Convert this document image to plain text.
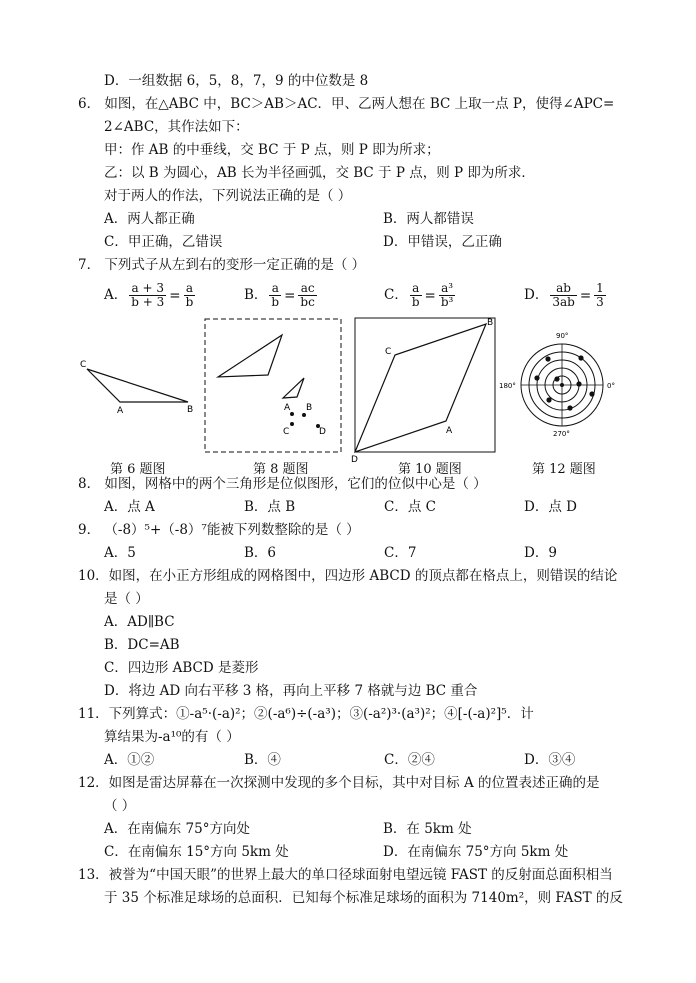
D．一组数据 6，5，8，7，9 的中位数是 8
6． 如图，在△ABC 中，BC＞AB＞AC．甲、乙两人想在 BC 上取一点 P，使得∠APC=
2∠ABC，其作法如下：
甲：作 AB 的中垂线，交 BC 于 P 点，则 P 即为所求；
乙：以 B 为圆心，AB 长为半径画弧，交 BC 于 P 点，则 P 即为所求．
对于两人的作法，下列说法正确的是（ ）
A．两人都正确	B．两人都错误
C．甲正确，乙错误	D．甲错误，乙正确
7． 下列式子从左到右的变形一定正确的是（ ）
A． $\frac{a + 3}{b + 3} = \frac{a}{b}$	B． $\frac{a}{b} = \frac{ac}{bc}$	C． $\frac{a}{b} = \frac{\text{a³}}{\text{b³}}$	D． $\frac{ab}{3ab} = \frac{1}{3}$
C
A	B	A B
C	D
C
B
A
D
90°
180°	0°
270°
第 6 题图	第 8 题图	第 10 题图	第 12 题图
8． 如图，网格中的两个三角形是位似图形，它们的位似中心是（ ）
A．点 A	B．点 B	C．点 C	D．点 D
9． （-8）⁵+（-8）⁷能被下列数整除的是（ ）
A．5	B．6	C．7	D．9
10．如图，在小正方形组成的网格图中，四边形 ABCD 的顶点都在格点上，则错误的结论
是（ ）
A．AD∥BC
B．DC=AB
C．四边形 ABCD 是菱形
D．将边 AD 向右平移 3 格，再向上平移 7 格就与边 BC 重合
11．下列算式：①-a⁵·(-a)²；②(-a⁶)÷(-a³)；③(-a²)³·(a³)²；④[-(-a)²]⁵．计
算结果为-a¹⁰的有（ ）
A．①②	B．④	C．②④	D．③④
12．如图是雷达屏幕在一次探测中发现的多个目标，其中对目标 A 的位置表述正确的是
（ ）
A．在南偏东 75°方向处	B．在 5km 处
C．在南偏东 15°方向 5km 处	D．在南偏东 75°方向 5km 处
13．被誉为“中国天眼”的世界上最大的单口径球面射电望远镜 FAST 的反射面总面积相当
于 35 个标准足球场的总面积．已知每个标准足球场的面积为 7140m²，则 FAST 的反
